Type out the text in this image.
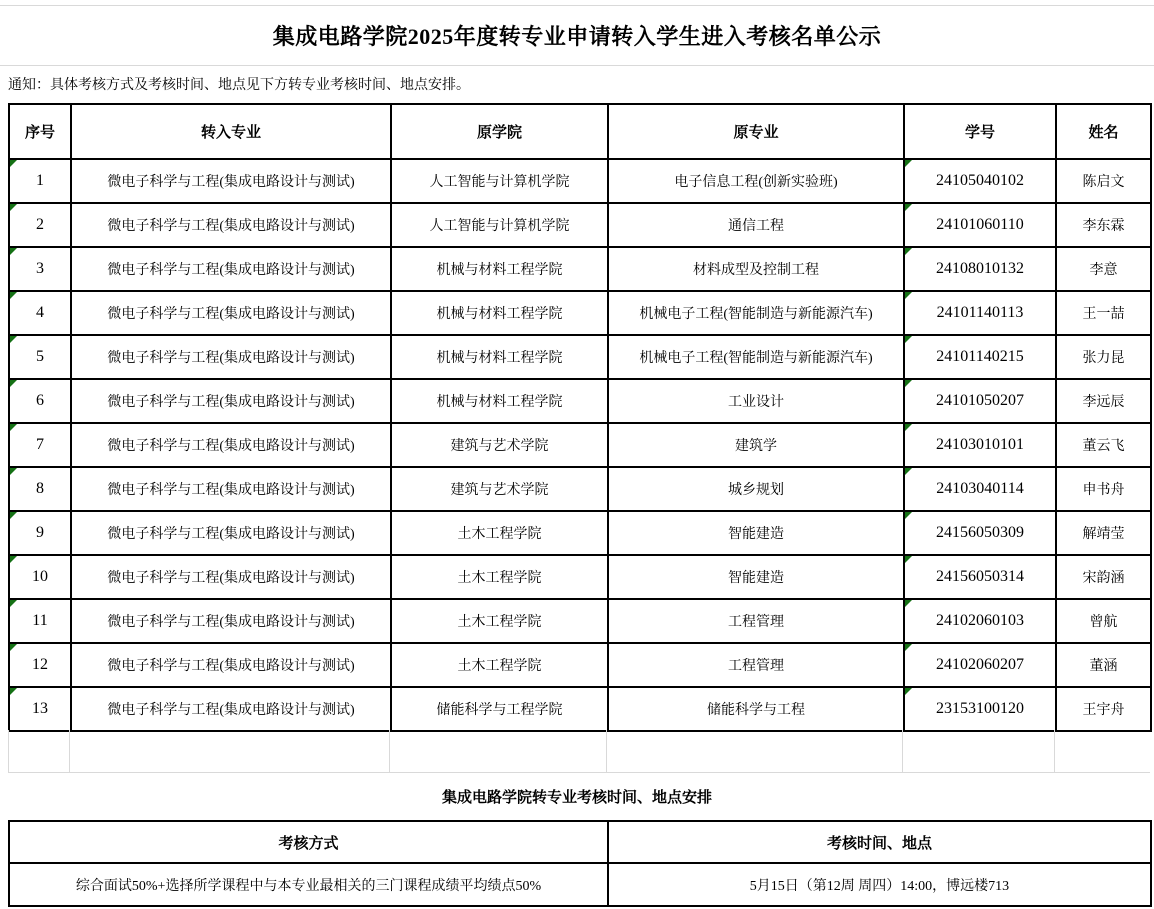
集成电路学院2025年度转专业申请转入学生进入考核名单公示
通知：具体考核方式及考核时间、地点见下方转专业考核时间、地点安排。
序号	转入专业	原学院	原专业	学号	姓名
1	微电子科学与工程(集成电路设计与测试)	人工智能与计算机学院	电子信息工程(创新实验班)	24105040102	陈启文
2	微电子科学与工程(集成电路设计与测试)	人工智能与计算机学院	通信工程	24101060110	李东霖
3	微电子科学与工程(集成电路设计与测试)	机械与材料工程学院	材料成型及控制工程	24108010132	李意
4	微电子科学与工程(集成电路设计与测试)	机械与材料工程学院	机械电子工程(智能制造与新能源汽车)	24101140113	王一喆
5	微电子科学与工程(集成电路设计与测试)	机械与材料工程学院	机械电子工程(智能制造与新能源汽车)	24101140215	张力昆
6	微电子科学与工程(集成电路设计与测试)	机械与材料工程学院	工业设计	24101050207	李远辰
7	微电子科学与工程(集成电路设计与测试)	建筑与艺术学院	建筑学	24103010101	董云飞
8	微电子科学与工程(集成电路设计与测试)	建筑与艺术学院	城乡规划	24103040114	申书舟
9	微电子科学与工程(集成电路设计与测试)	土木工程学院	智能建造	24156050309	解靖莹
10	微电子科学与工程(集成电路设计与测试)	土木工程学院	智能建造	24156050314	宋韵涵
11	微电子科学与工程(集成电路设计与测试)	土木工程学院	工程管理	24102060103	曾航
12	微电子科学与工程(集成电路设计与测试)	土木工程学院	工程管理	24102060207	董涵
13	微电子科学与工程(集成电路设计与测试)	储能科学与工程学院	储能科学与工程	23153100120	王宇舟
集成电路学院转专业考核时间、地点安排
考核方式	考核时间、地点
综合面试50%+选择所学课程中与本专业最相关的三门课程成绩平均绩点50%	5月15日（第12周 周四）14:00，博远楼713
